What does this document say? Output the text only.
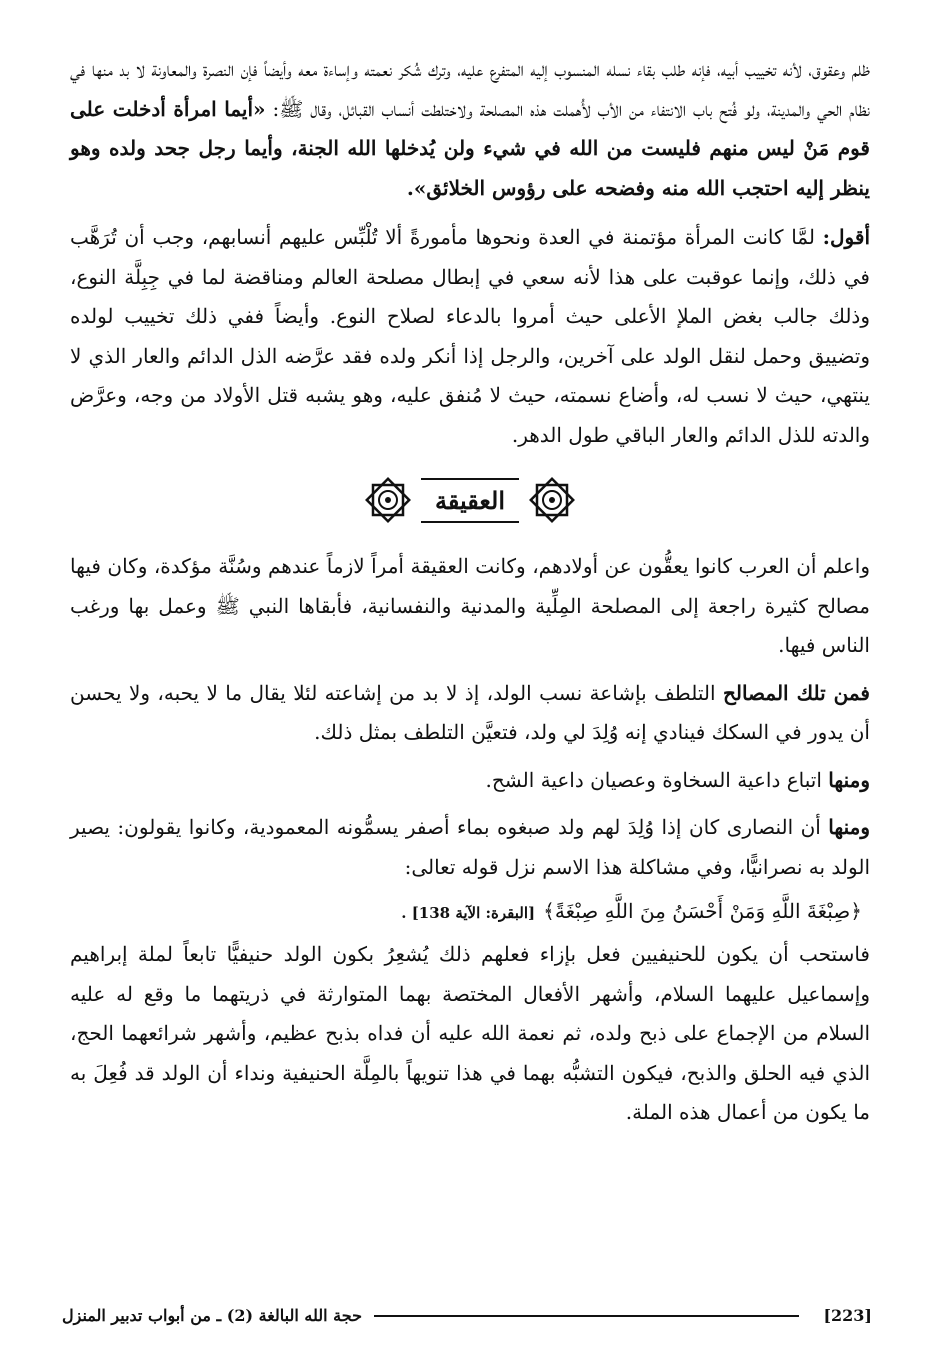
ظلم وعقوق، لأنه تخييب أبيه، فإنه طلب بقاء نسله المنسوب إليه المتفرع عليه، وترك شُكر نعمته وإساءة معه وأيضاً فإن النصرة والمعاونة لا بد منها في نظام الحي والمدينة، ولو فُتح باب الانتفاء من الأب لأُهملت هذه المصلحة ولاختلطت أنساب القبائل، وقال ﷺ: «أيما امرأة أدخلت على قوم مَنْ ليس منهم فليست من الله في شيء ولن يُدخلها الله الجنة، وأيما رجل جحد ولده وهو ينظر إليه احتجب الله منه وفضحه على رؤوس الخلائق».

أقول: لمَّا كانت المرأة مؤتمنة في العدة ونحوها مأمورةً ألا تُلْبِّس عليهم أنسابهم، وجب أن تُرَهَّب في ذلك، وإنما عوقبت على هذا لأنه سعي في إبطال مصلحة العالم ومناقضة لما في جِبِلَّة النوع، وذلك جالب بغض الملإ الأعلى حيث أمروا بالدعاء لصلاح النوع. وأيضاً ففي ذلك تخييب لولده وتضييق وحمل لنقل الولد على آخرين، والرجل إذا أنكر ولده فقد عرَّضه الذل الدائم والعار الذي لا ينتهي، حيث لا نسب له، وأضاع نسمته، حيث لا مُنفق عليه، وهو يشبه قتل الأولاد من وجه، وعرَّض والدته للذل الدائم والعار الباقي طول الدهر.

العقيقة

واعلم أن العرب كانوا يعقُّون عن أولادهم، وكانت العقيقة أمراً لازماً عندهم وسُنَّة مؤكدة، وكان فيها مصالح كثيرة راجعة إلى المصلحة المِلِّية والمدنية والنفسانية، فأبقاها النبي ﷺ وعمل بها ورغب الناس فيها.

فمن تلك المصالح التلطف بإشاعة نسب الولد، إذ لا بد من إشاعته لئلا يقال ما لا يحبه، ولا يحسن أن يدور في السكك فينادي إنه وُلِدَ لي ولد، فتعيَّن التلطف بمثل ذلك.

ومنها اتباع داعية السخاوة وعصيان داعية الشح.

ومنها أن النصارى كان إذا وُلِدَ لهم ولد صبغوه بماء أصفر يسمُّونه المعمودية، وكانوا يقولون: يصير الولد به نصرانيًّا، وفي مشاكلة هذا الاسم نزل قوله تعالى:

﴿صِبْغَةَ اللَّهِ وَمَنْ أَحْسَنُ مِنَ اللَّهِ صِبْغَةً﴾[البقرة: الآية 138] .

فاستحب أن يكون للحنيفيين فعل بإزاء فعلهم ذلك يُشعِرُ بكون الولد حنيفيًّا تابعاً لملة إبراهيم وإسماعيل عليهما السلام، وأشهر الأفعال المختصة بهما المتوارثة في ذريتهما ما وقع له عليه السلام من الإجماع على ذبح ولده، ثم نعمة الله عليه أن فداه بذبح عظيم، وأشهر شرائعهما الحج، الذي فيه الحلق والذبح، فيكون التشبُّه بهما في هذا تنويهاً بالمِلَّة الحنيفية ونداء أن الولد قد فُعِلَ به ما يكون من أعمال هذه الملة.

[223]
حجة الله البالغة (2) ـ من أبواب تدبير المنزل
